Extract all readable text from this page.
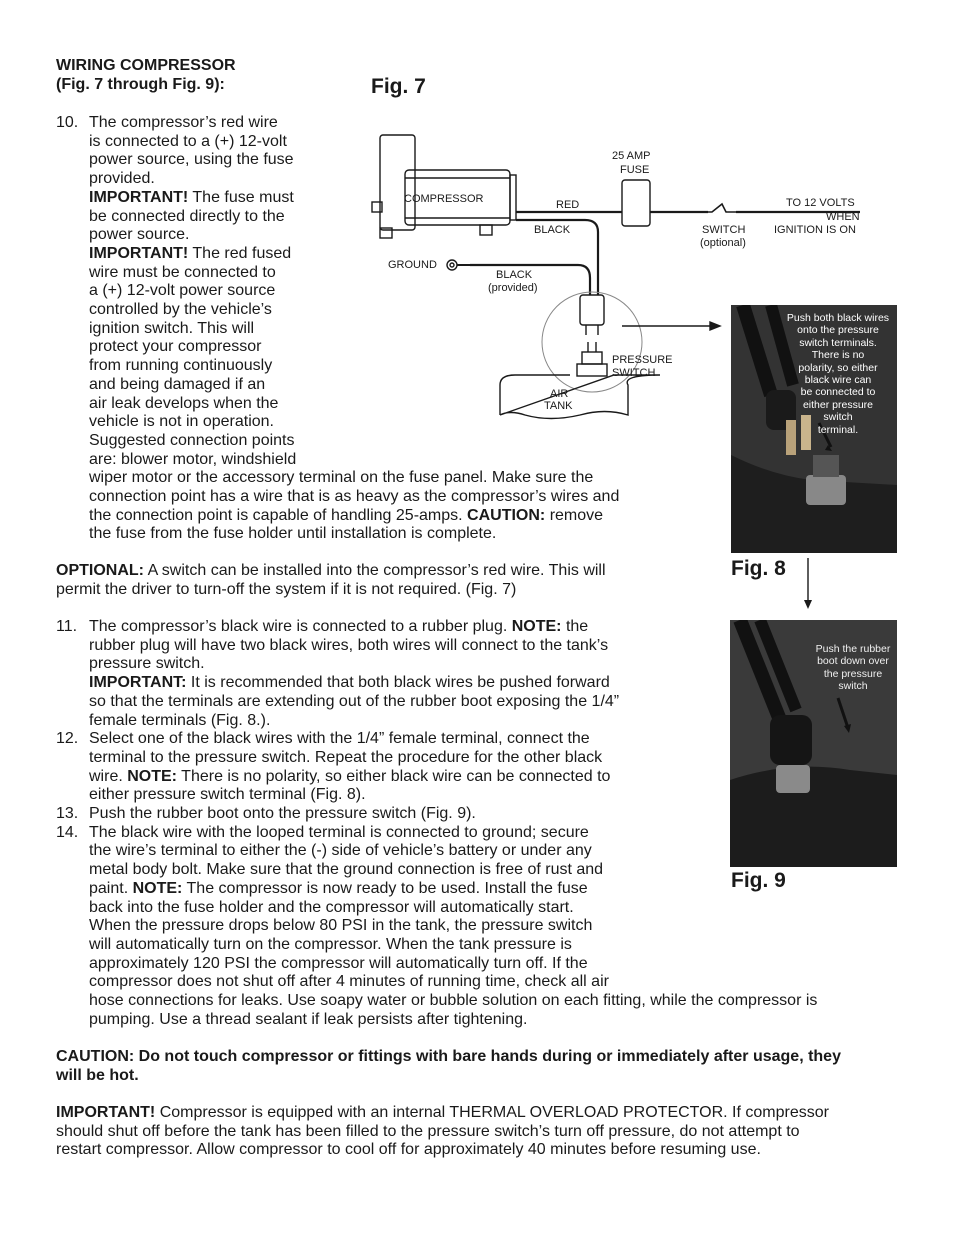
WIRING COMPRESSOR
(Fig. 7 through Fig. 9):
10. The compressor’s red wire
is connected to a (+) 12-volt
power source, using the fuse
provided.
IMPORTANT! The fuse must
be connected directly to the
power source.
IMPORTANT! The red fused
wire must be connected to
a (+) 12-volt power source
controlled by the vehicle’s
ignition switch. This will
protect your compressor
from running continuously
and being damaged if an
air leak develops when the
vehicle is not in operation.
Suggested connection points
are: blower motor, windshield
wiper motor or the accessory terminal on the fuse panel. Make sure the
connection point has a wire that is as heavy as the compressor’s wires and
the connection point is capable of handling 25-amps. CAUTION: remove
the fuse from the fuse holder until installation is complete.
OPTIONAL: A switch can be installed into the compressor’s red wire. This will
permit the driver to turn-off the system if it is not required. (Fig. 7)
11. The compressor’s black wire is connected to a rubber plug. NOTE: the
rubber plug will have two black wires, both wires will connect to the tank’s
pressure switch.
IMPORTANT: It is recommended that both black wires be pushed forward
so that the terminals are extending out of the rubber boot exposing the 1/4”
female terminals (Fig. 8.).
12. Select one of the black wires with the 1/4” female terminal, connect the
terminal to the pressure switch. Repeat the procedure for the other black
wire. NOTE: There is no polarity, so either black wire can be connected to
either pressure switch terminal (Fig. 8).
13. Push the rubber boot onto the pressure switch (Fig. 9).
14. The black wire with the looped terminal is connected to ground; secure
the wire’s terminal to either the (-) side of vehicle’s battery or under any
metal body bolt. Make sure that the ground connection is free of rust and
paint. NOTE: The compressor is now ready to be used. Install the fuse
back into the fuse holder and the compressor will automatically start.
When the pressure drops below 80 PSI in the tank, the pressure switch
will automatically turn on the compressor. When the tank pressure is
approximately 120 PSI the compressor will automatically turn off. If the
compressor does not shut off after 4 minutes of running time, check all air
hose connections for leaks. Use soapy water or bubble solution on each fitting, while the compressor is
pumping. Use a thread sealant if leak persists after tightening.
CAUTION: Do not touch compressor or fittings with bare hands during or immediately after usage, they
will be hot.
IMPORTANT! Compressor is equipped with an internal THERMAL OVERLOAD PROTECTOR. If compressor
should shut off before the tank has been filled to the pressure switch’s turn off pressure, do not attempt to
restart compressor. Allow compressor to cool off for approximately 40 minutes before resuming use.
Fig. 7
COMPRESSOR	RED
BLACK
25 AMP
FUSE
TO 12 VOLTS
WHEN
IGNITION IS ON
SWITCH
(optional)
GROUND
BLACK
(provided)
PRESSURE
SWITCH
AIR
TANK
Push both black wires
onto the pressure
switch terminals.
There is no
polarity, so either
black wire can
be connected to
either pressure
switch
terminal.
Fig. 8
Push the rubber
boot down over
the pressure
switch
Fig. 9
